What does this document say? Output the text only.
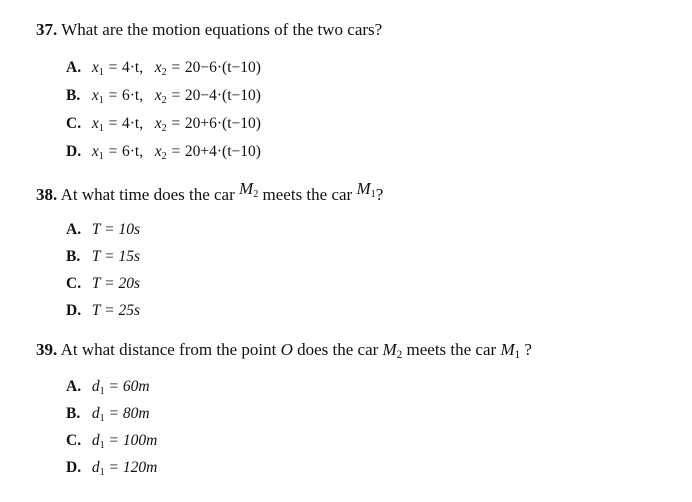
37. What are the motion equations of the two cars?
A. $x_1 = 4\cdot t$,   $x_2 = 20-6\cdot(t-10)$
B. $x_1 = 6\cdot t$,   $x_2 = 20-4\cdot(t-10)$
C. $x_1 = 4\cdot t$,   $x_2 = 20+6\cdot(t-10)$
D. $x_1 = 6\cdot t$,   $x_2 = 20+4\cdot(t-10)$
38. At what time does the car $M_2$ meets the car $M_1$?
A. T = 10s
B. T = 15s
C. T = 20s
D. T = 25s
39. At what distance from the point O does the car $M_2$ meets the car $M_1$ ?
A. $d_1 = 60m$
B. $d_1 = 80m$
C. $d_1 = 100m$
D. $d_1 = 120m$
